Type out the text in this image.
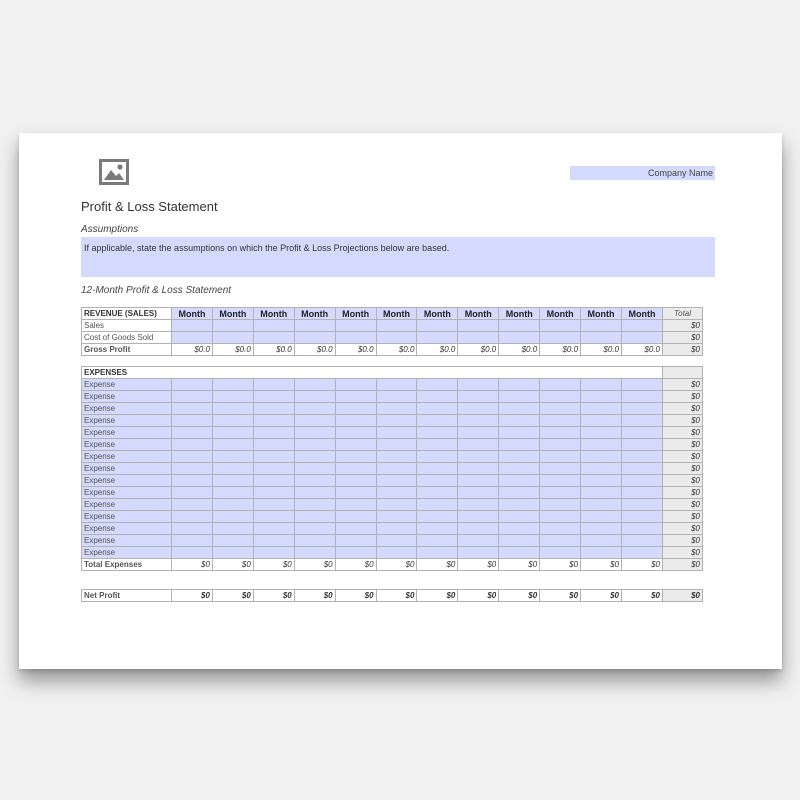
Company Name
Profit & Loss Statement
Assumptions
If applicable, state the assumptions on which the Profit & Loss Projections below are based.
12-Month Profit & Loss Statement
REVENUE (SALES)	Month	Month	Month	Month	Month	Month	Month	Month	Month	Month	Month	Month	Total
Sales													$0
Cost of Goods Sold													$0
Gross Profit	$0.0	$0.0	$0.0	$0.0	$0.0	$0.0	$0.0	$0.0	$0.0	$0.0	$0.0	$0.0	$0
EXPENSES													
Expense													$0
Expense													$0
Expense													$0
Expense													$0
Expense													$0
Expense													$0
Expense													$0
Expense													$0
Expense													$0
Expense													$0
Expense													$0
Expense													$0
Expense													$0
Expense													$0
Expense													$0
Total Expenses	$0	$0	$0	$0	$0	$0	$0	$0	$0	$0	$0	$0	$0
Net Profit	$0	$0	$0	$0	$0	$0	$0	$0	$0	$0	$0	$0	$0
